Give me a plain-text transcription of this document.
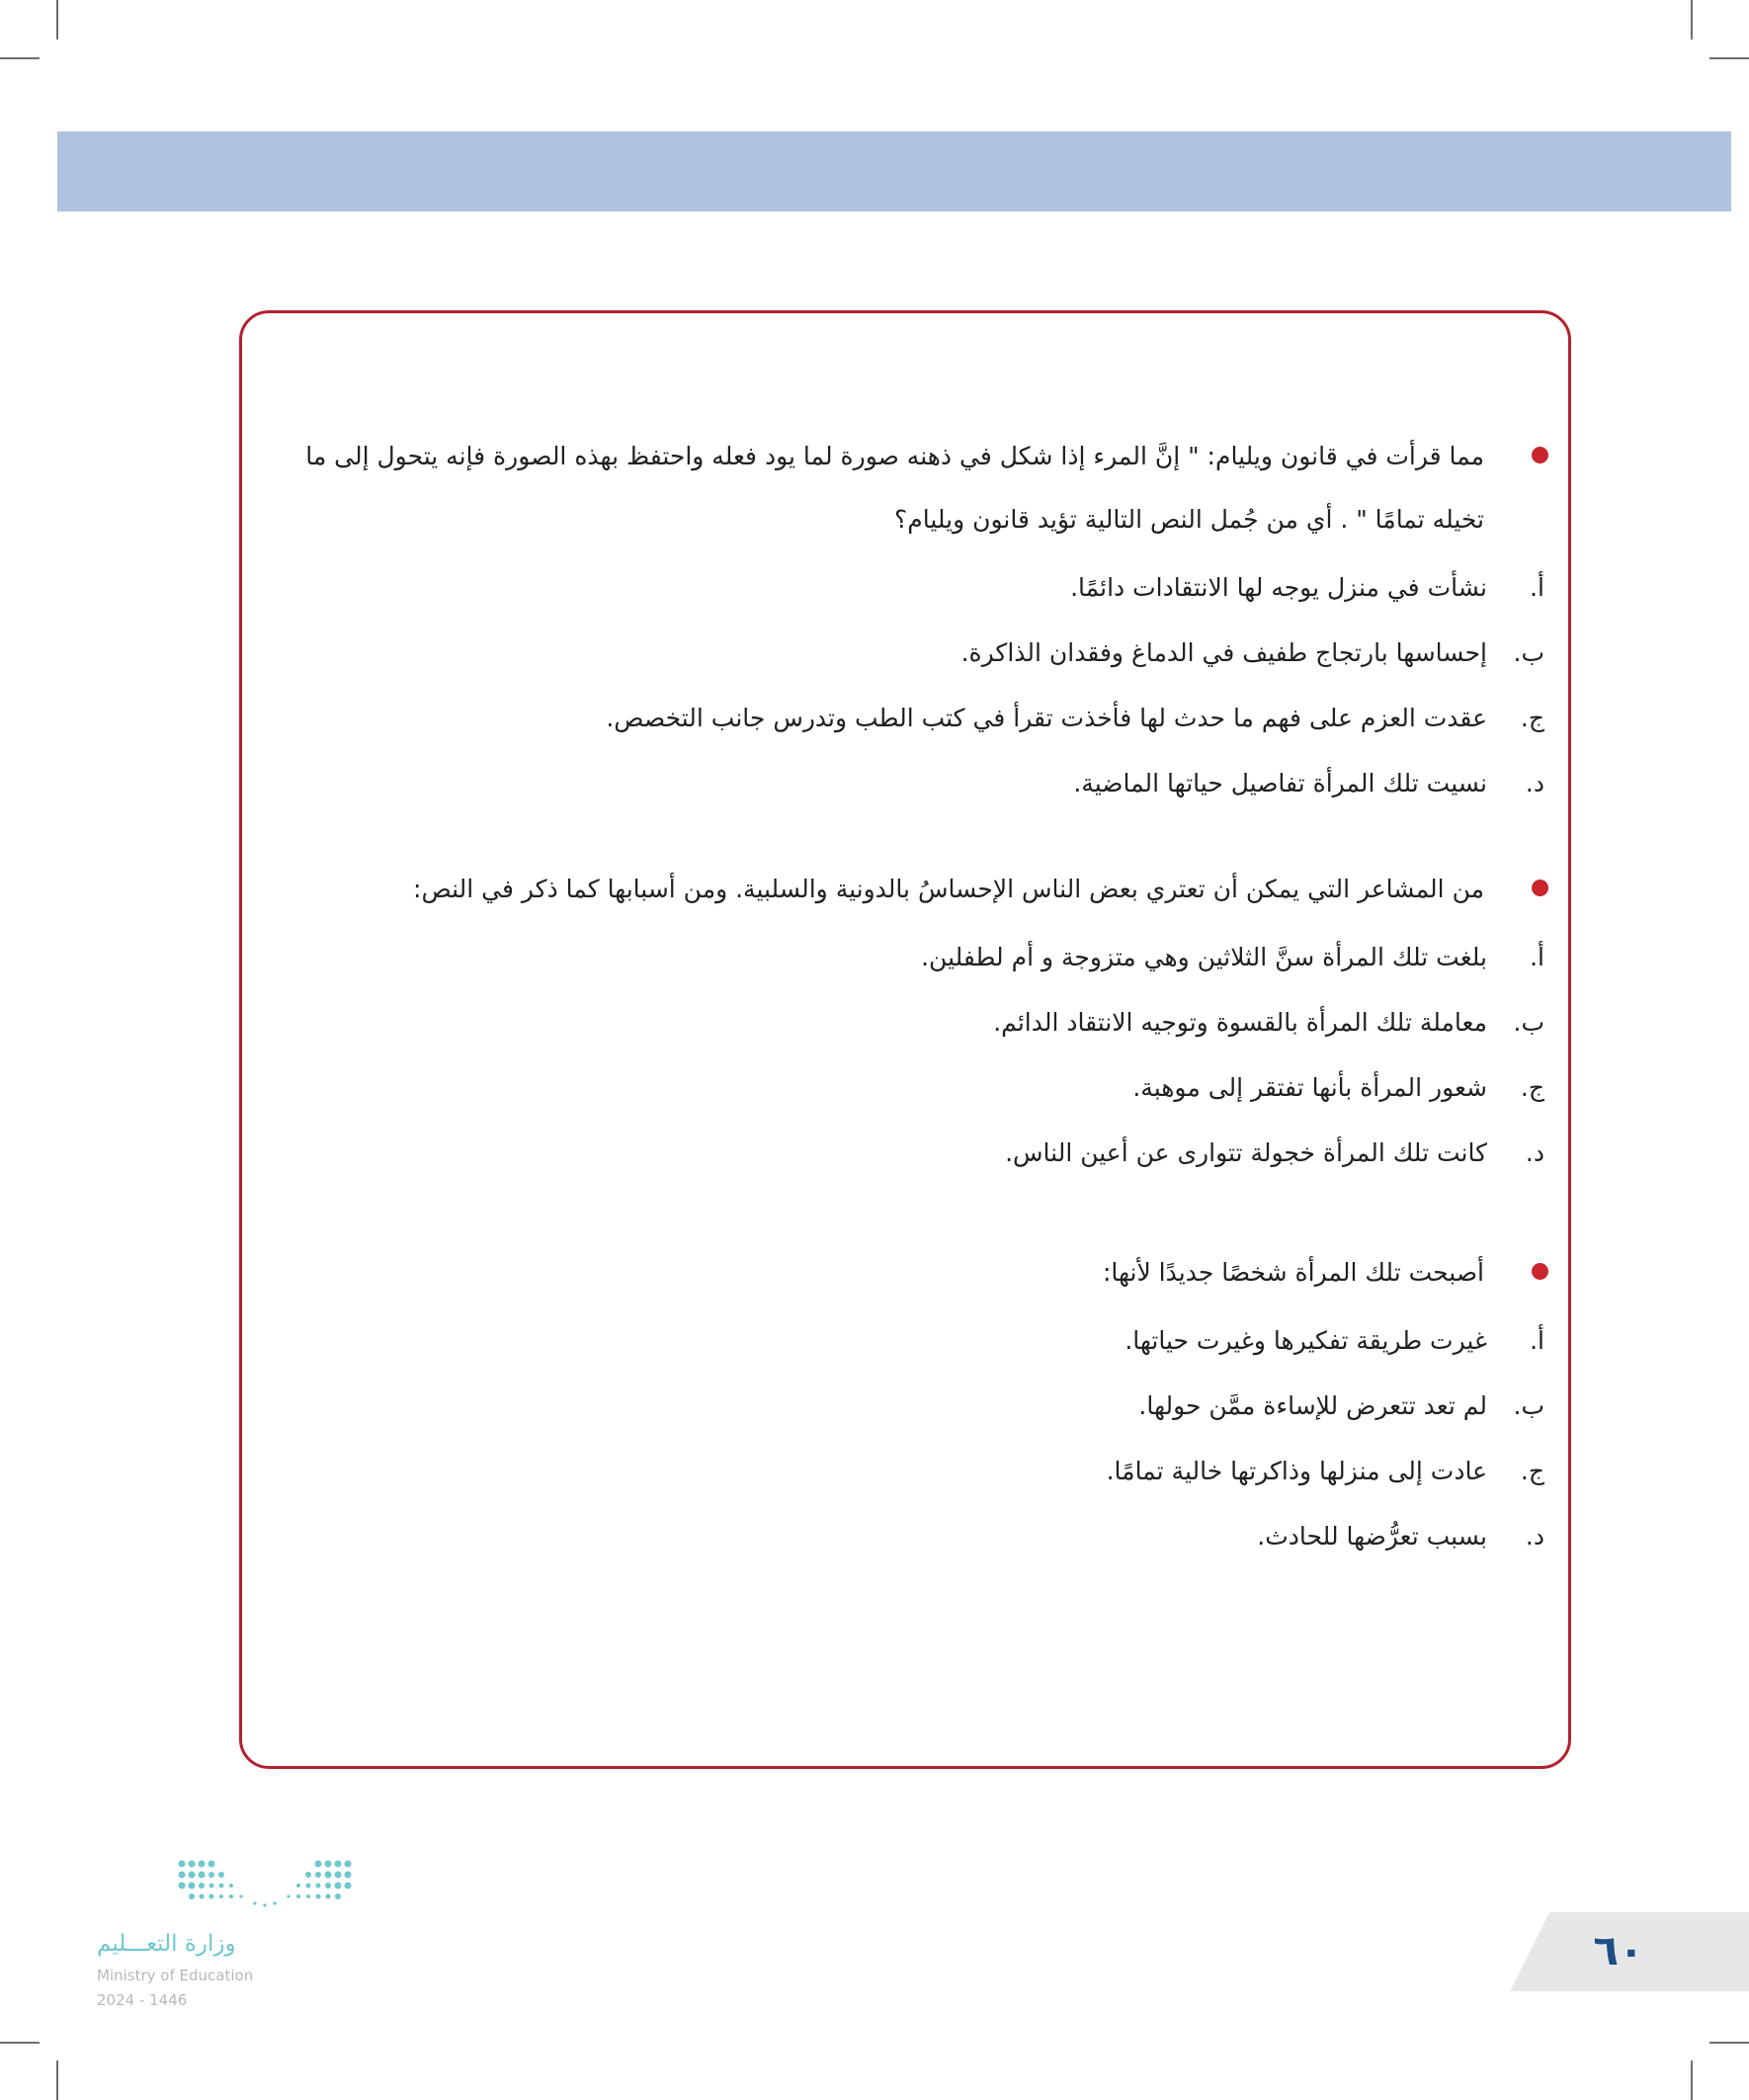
مما قرأت في قانون ويليام: " إنَّ المرء إذا شكل في ذهنه صورة لما يود فعله واحتفظ بهذه الصورة فإنه يتحول إلى ما تخيله تمامًا " . أي من جُمل النص التالية تؤيد قانون ويليام؟

أ.
نشأت في منزل يوجه لها الانتقادات دائمًا.
ب.
إحساسها بارتجاج طفيف في الدماغ وفقدان الذاكرة.
ج.
عقدت العزم على فهم ما حدث لها فأخذت تقرأ في كتب الطب وتدرس جانب التخصص.
د.
نسيت تلك المرأة تفاصيل حياتها الماضية.

من المشاعر التي يمكن أن تعتري بعض الناس الإحساسُ بالدونية والسلبية. ومن أسبابها كما ذكر في النص:

أ.
بلغت تلك المرأة سنَّ الثلاثين وهي متزوجة و أم لطفلين.
ب.
معاملة تلك المرأة بالقسوة وتوجيه الانتقاد الدائم.
ج.
شعور المرأة بأنها تفتقر إلى موهبة.
د.
كانت تلك المرأة خجولة تتوارى عن أعين الناس.

أصبحت تلك المرأة شخصًا جديدًا لأنها:

أ.
غيرت طريقة تفكيرها وغيرت حياتها.
ب.
لم تعد تتعرض للإساءة ممَّن حولها.
ج.
عادت إلى منزلها وذاكرتها خالية تمامًا.
د.
بسبب تعرُّضها للحادث.
وزارة التعـــليم
Ministry of Education
2024 - 1446
٦٠
